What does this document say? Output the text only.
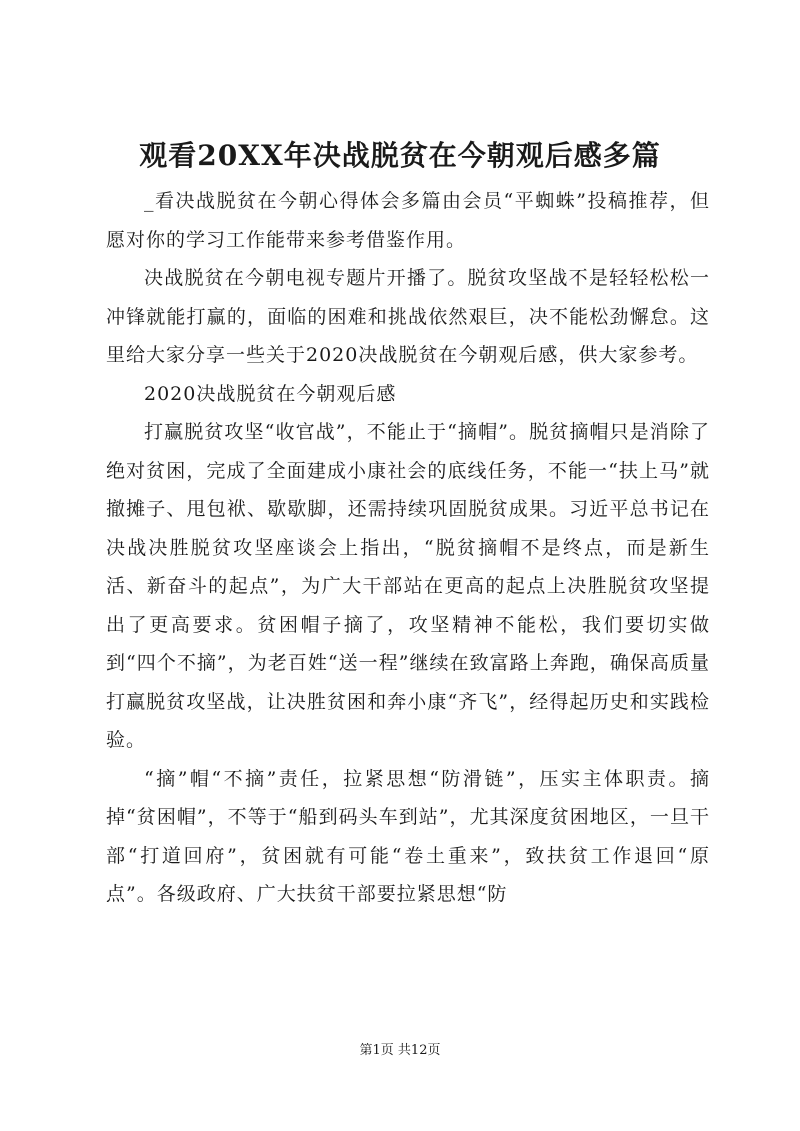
观看20XX年决战脱贫在今朝观后感多篇

_看决战脱贫在今朝心得体会多篇由会员“平蜘蛛”投稿推荐，但愿对你的学习工作能带来参考借鉴作用。

决战脱贫在今朝电视专题片开播了。脱贫攻坚战不是轻轻松松一冲锋就能打赢的，面临的困难和挑战依然艰巨，决不能松劲懈怠。这里给大家分享一些关于2020决战脱贫在今朝观后感，供大家参考。

2020决战脱贫在今朝观后感

打赢脱贫攻坚“收官战”，不能止于“摘帽”。脱贫摘帽只是消除了绝对贫困，完成了全面建成小康社会的底线任务，不能一“扶上马”就撤摊子、甩包袱、歇歇脚，还需持续巩固脱贫成果。习近平总书记在决战决胜脱贫攻坚座谈会上指出，“脱贫摘帽不是终点，而是新生活、新奋斗的起点”，为广大干部站在更高的起点上决胜脱贫攻坚提出了更高要求。贫困帽子摘了，攻坚精神不能松，我们要切实做到“四个不摘”，为老百姓“送一程”继续在致富路上奔跑，确保高质量打赢脱贫攻坚战，让决胜贫困和奔小康“齐飞”，经得起历史和实践检验。

“摘”帽“不摘”责任，拉紧思想“防滑链”，压实主体职责。摘掉“贫困帽”，不等于“船到码头车到站”，尤其深度贫困地区，一旦干部“打道回府”，贫困就有可能“卷土重来”，致扶贫工作退回“原点”。各级政府、广大扶贫干部要拉紧思想“防

第1页 共12页
